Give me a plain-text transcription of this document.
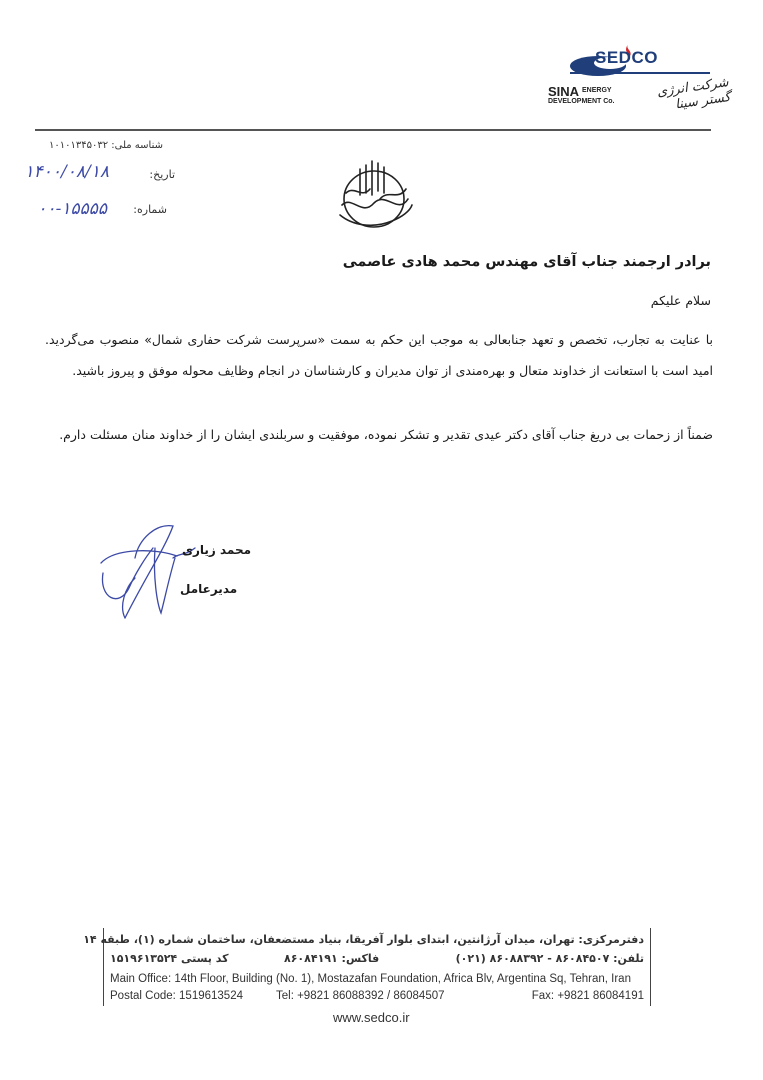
SEDCO
SINA ENERGY
DEVELOPMENT Co.
شرکت انرژی گستر سینا
شناسه ملی: ۱۰۱۰۱۳۴۵۰۳۲
تاریخ:
۱۴۰۰/۰۸/۱۸
شماره:
۰۰-۱۵۵۵۵
برادر ارجمند جناب آقای مهندس محمد هادی عاصمی
سلام علیکم
با عنایت به تجارب، تخصص و تعهد جنابعالی به موجب این حکم به سمت «سرپرست شرکت حفاری شمال» منصوب می‌گردید. امید است با استعانت از خداوند متعال و بهره‌مندی از توان مدیران و کارشناسان در انجام وظایف محوله موفق و پیروز باشید.
ضمناً از زحمات بی دریغ جناب آقای دکتر عیدی تقدیر و تشکر نموده، موفقیت و سربلندی ایشان را از خداوند منان مسئلت دارم.
محمد زیاری
مدیرعامل
دفترمرکزی: تهران، میدان آرژانتین، ابتدای بلوار آفریقا، بنیاد مستضعفان، ساختمان شماره (۱)، طبقه ۱۴
تلفن: ۸۶۰۸۴۵۰۷ - ۸۶۰۸۸۳۹۲ (۰۲۱)
فاکس: ۸۶۰۸۴۱۹۱
کد پستی ۱۵۱۹۶۱۳۵۲۴
Main Office: 14th Floor, Building (No. 1), Mostazafan Foundation, Africa Blv, Argentina Sq, Tehran, Iran
Postal Code: 1519613524	Tel: +9821 86088392 / 86084507	Fax: +9821 86084191
www.sedco.ir
